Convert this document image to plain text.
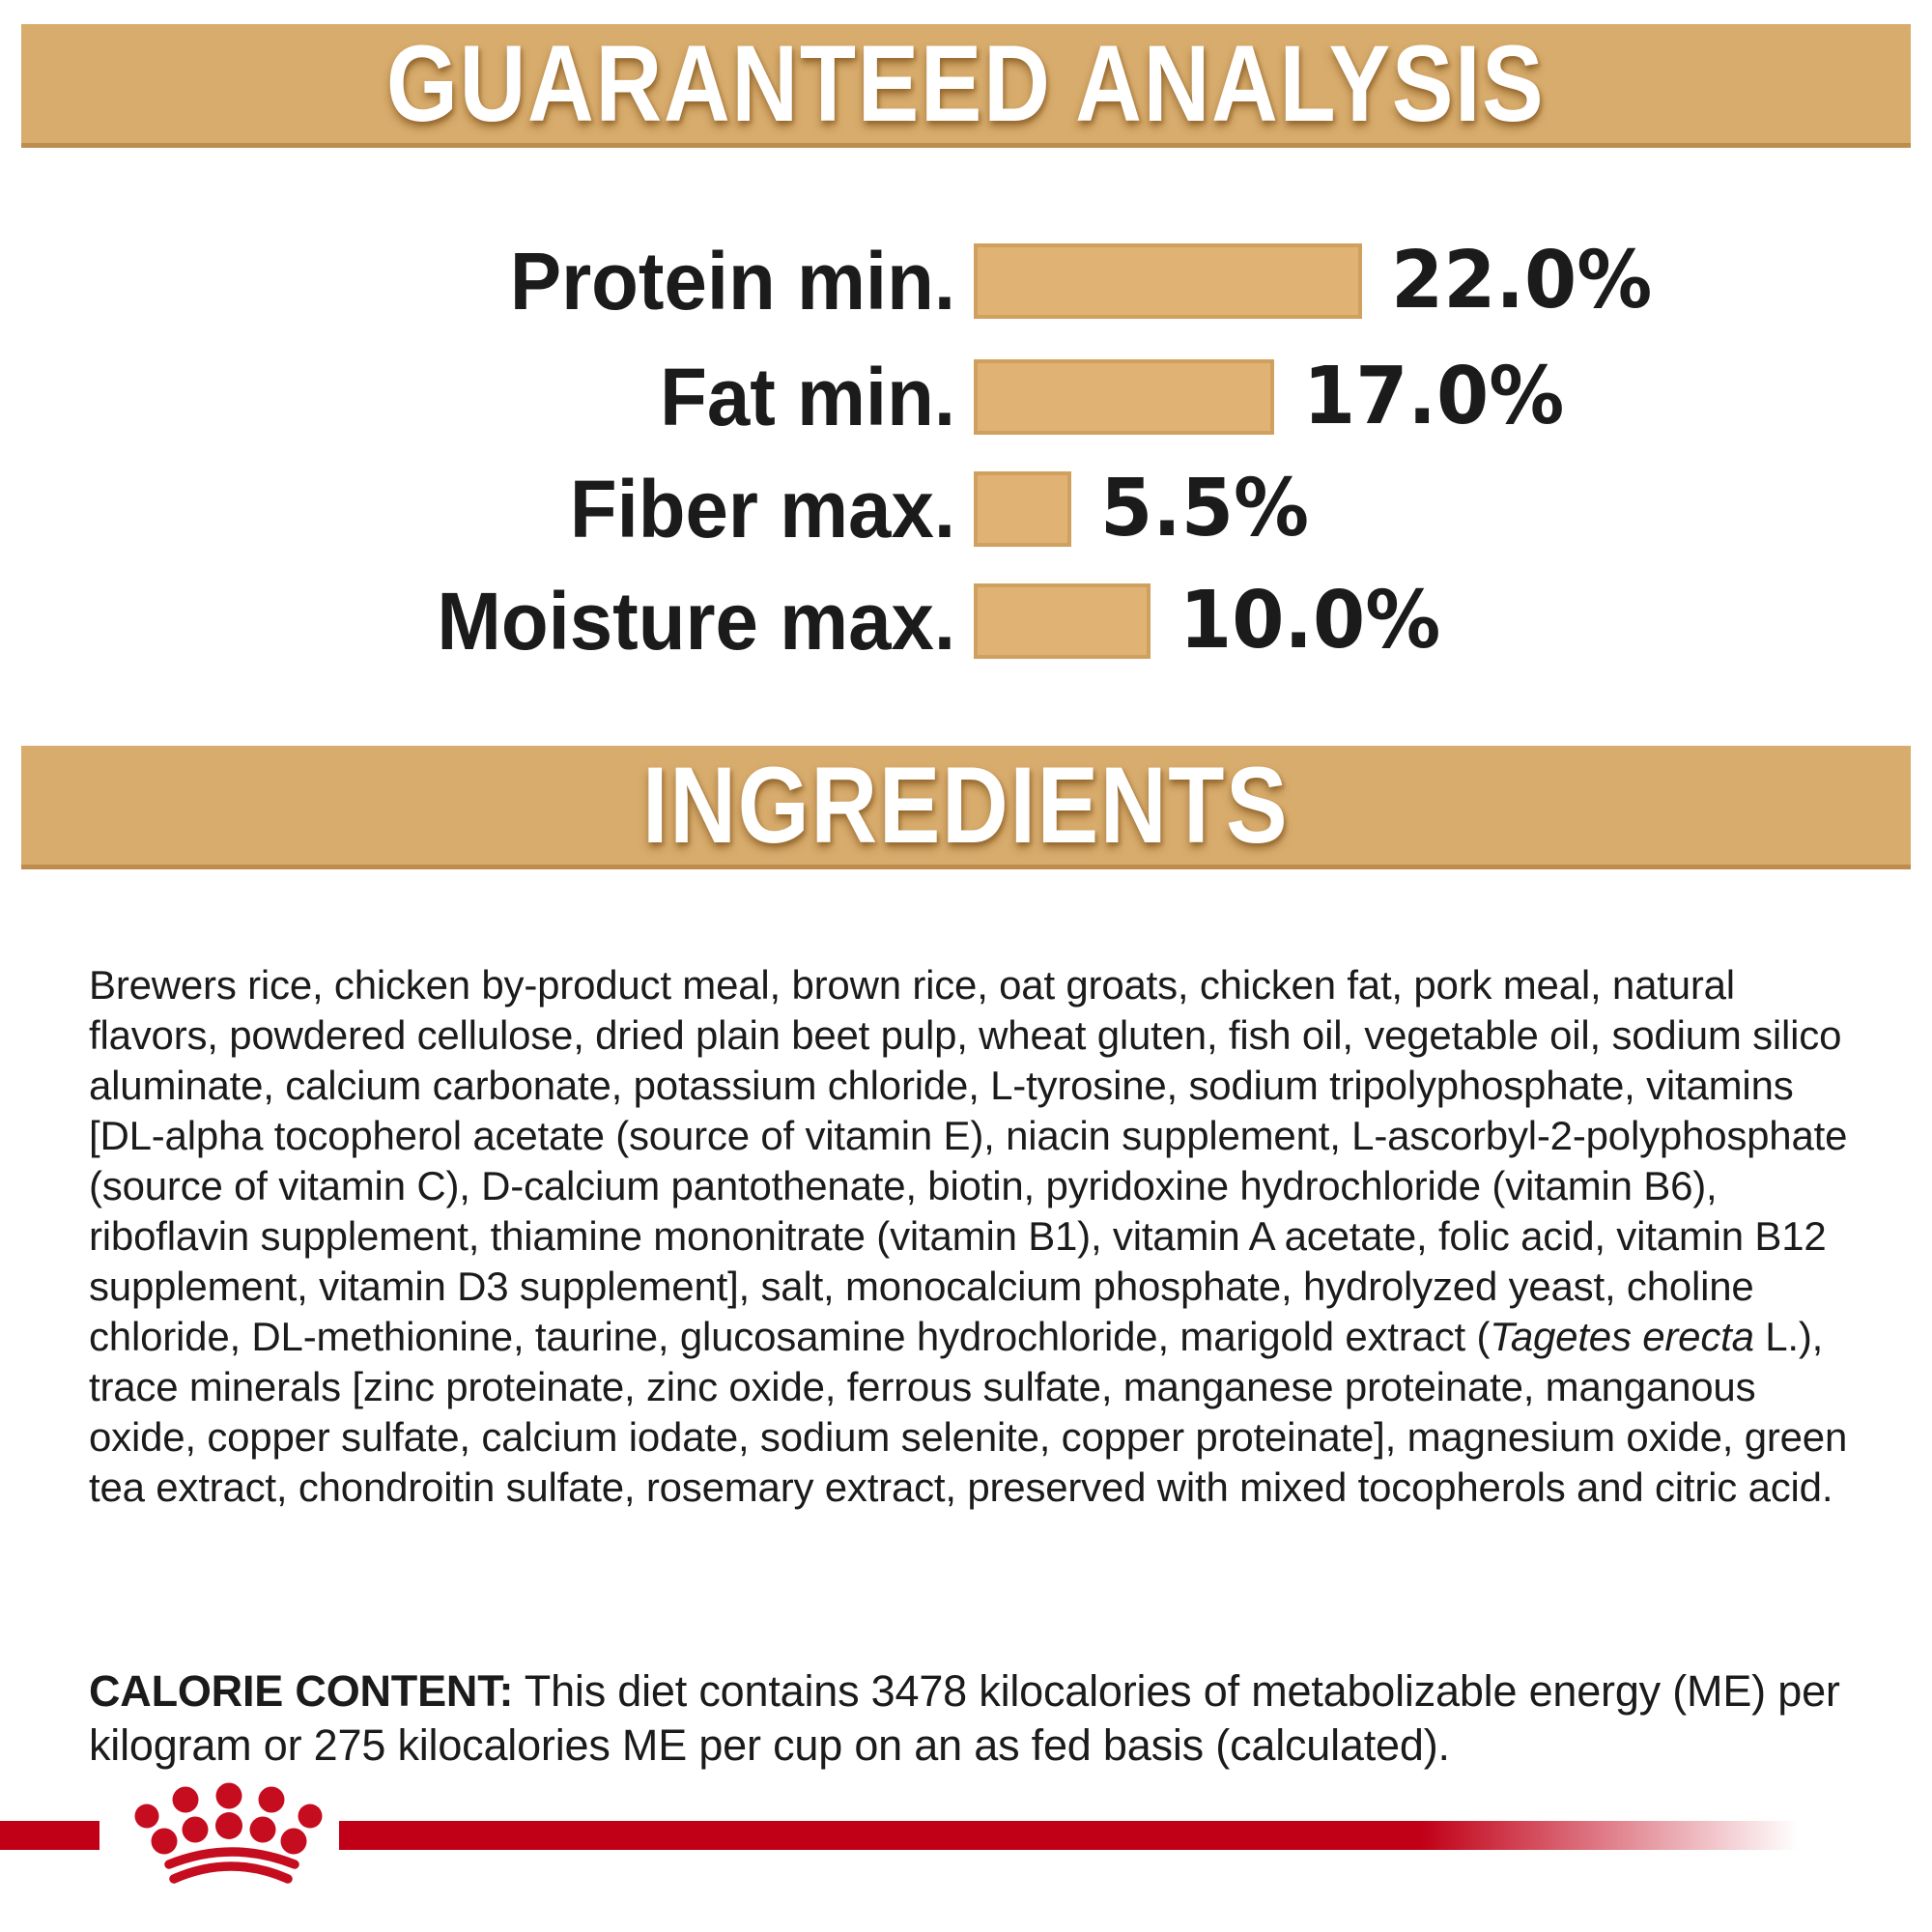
GUARANTEED ANALYSIS
Protein min.	22.0%
Fat min.	17.0%
Fiber max. 5.5%
Moisture max.	10.0%
INGREDIENTS

Brewers rice, chicken by-product meal, brown rice, oat groats, chicken fat, pork meal, natural flavors, powdered cellulose, dried plain beet pulp, wheat gluten, fish oil, vegetable oil, sodium silico aluminate, calcium carbonate, potassium chloride, L-tyrosine, sodium tripolyphosphate, vitamins [DL-alpha tocopherol acetate (source of vitamin E), niacin supplement, L-ascorbyl-2-polyphosphate (source of vitamin C), D-calcium pantothenate, biotin, pyridoxine hydrochloride (vitamin B6), riboflavin supplement, thiamine mononitrate (vitamin B1), vitamin A acetate, folic acid, vitamin B12 supplement, vitamin D3 supplement], salt, monocalcium phosphate, hydrolyzed yeast, choline chloride, DL-methionine, taurine, glucosamine hydrochloride, marigold extract (Tagetes erecta L.), trace minerals [zinc proteinate, zinc oxide, ferrous sulfate, manganese proteinate, manganous oxide, copper sulfate, calcium iodate, sodium selenite, copper proteinate], magnesium oxide, green tea extract, chondroitin sulfate, rosemary extract, preserved with mixed tocopherols and citric acid.

CALORIE CONTENT: This diet contains 3478 kilocalories of metabolizable energy (ME) per kilogram or 275 kilocalories ME per cup on an as fed basis (calculated).
